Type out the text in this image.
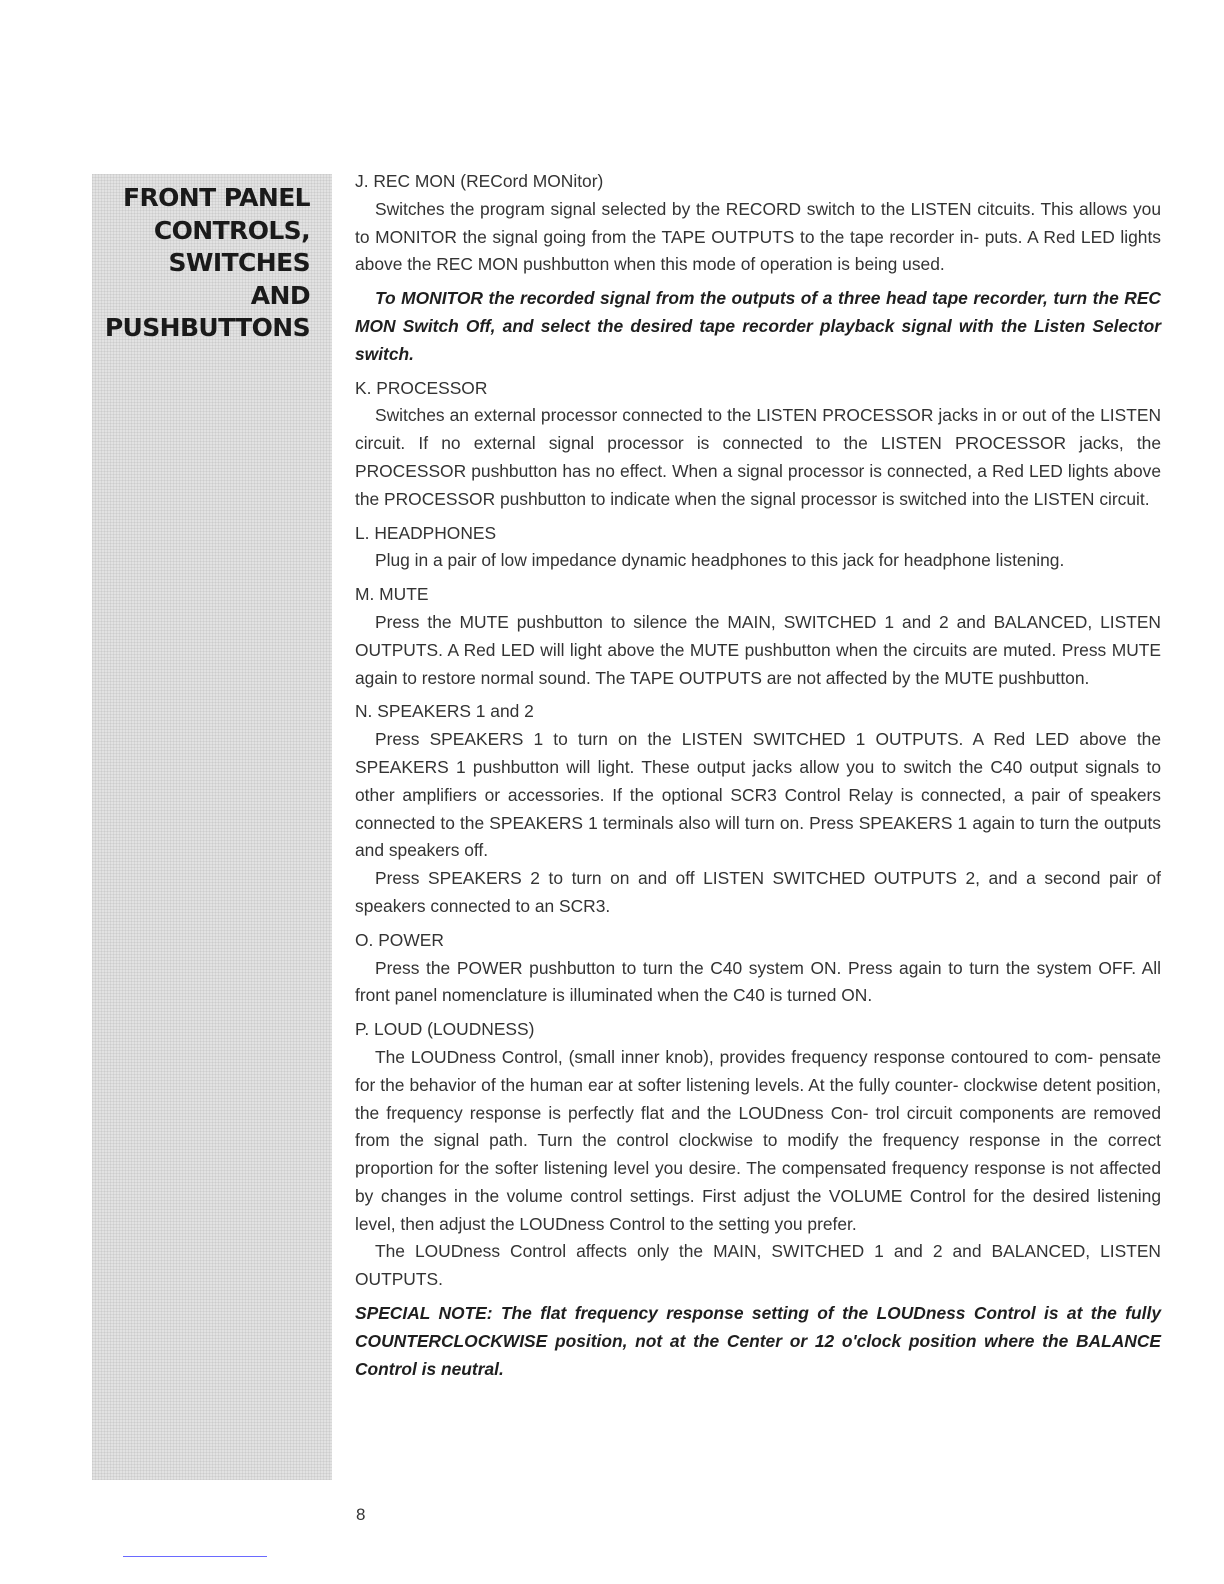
FRONT PANEL
CONTROLS,
SWITCHES
AND
PUSHBUTTONS

J. REC MON (RECord MONitor)

Switches the program signal selected by the RECORD switch to the LISTEN citcuits. This allows you to MONITOR the signal going from the TAPE OUTPUTS to the tape recorder in- puts. A Red LED lights above the REC MON pushbutton when this mode of operation is being used.

To MONITOR the recorded signal from the outputs of a three head tape recorder, turn the REC MON Switch Off, and select the desired tape recorder playback signal with the Listen Selector switch.

K. PROCESSOR

Switches an external processor connected to the LISTEN PROCESSOR jacks in or out of the LISTEN circuit. If no external signal processor is connected to the LISTEN PROCESSOR jacks, the PROCESSOR pushbutton has no effect. When a signal processor is connected, a Red LED lights above the PROCESSOR pushbutton to indicate when the signal processor is switched into the LISTEN circuit.

L. HEADPHONES

Plug in a pair of low impedance dynamic headphones to this jack for headphone listening.

M. MUTE

Press the MUTE pushbutton to silence the MAIN, SWITCHED 1 and 2 and BALANCED, LISTEN OUTPUTS. A Red LED will light above the MUTE pushbutton when the circuits are muted. Press MUTE again to restore normal sound. The TAPE OUTPUTS are not affected by the MUTE pushbutton.

N. SPEAKERS 1 and 2

Press SPEAKERS 1 to turn on the LISTEN SWITCHED 1 OUTPUTS. A Red LED above the SPEAKERS 1 pushbutton will light. These output jacks allow you to switch the C40 output signals to other amplifiers or accessories. If the optional SCR3 Control Relay is connected, a pair of speakers connected to the SPEAKERS 1 terminals also will turn on. Press SPEAKERS 1 again to turn the outputs and speakers off.

Press SPEAKERS 2 to turn on and off LISTEN SWITCHED OUTPUTS 2, and a second pair of speakers connected to an SCR3.

O. POWER

Press the POWER pushbutton to turn the C40 system ON. Press again to turn the system OFF. All front panel nomenclature is illuminated when the C40 is turned ON.

P. LOUD (LOUDNESS)

The LOUDness Control, (small inner knob), provides frequency response contoured to com- pensate for the behavior of the human ear at softer listening levels. At the fully counter- clockwise detent position, the frequency response is perfectly flat and the LOUDness Con- trol circuit components are removed from the signal path. Turn the control clockwise to modify the frequency response in the correct proportion for the softer listening level you desire. The compensated frequency response is not affected by changes in the volume control settings. First adjust the VOLUME Control for the desired listening level, then adjust the LOUDness Control to the setting you prefer.

The LOUDness Control affects only the MAIN, SWITCHED 1 and 2 and BALANCED, LISTEN OUTPUTS.

SPECIAL NOTE: The flat frequency response setting of the LOUDness Control is at the fully COUNTERCLOCKWISE position, not at the Center or 12 o'clock position where the BALANCE Control is neutral.

8
